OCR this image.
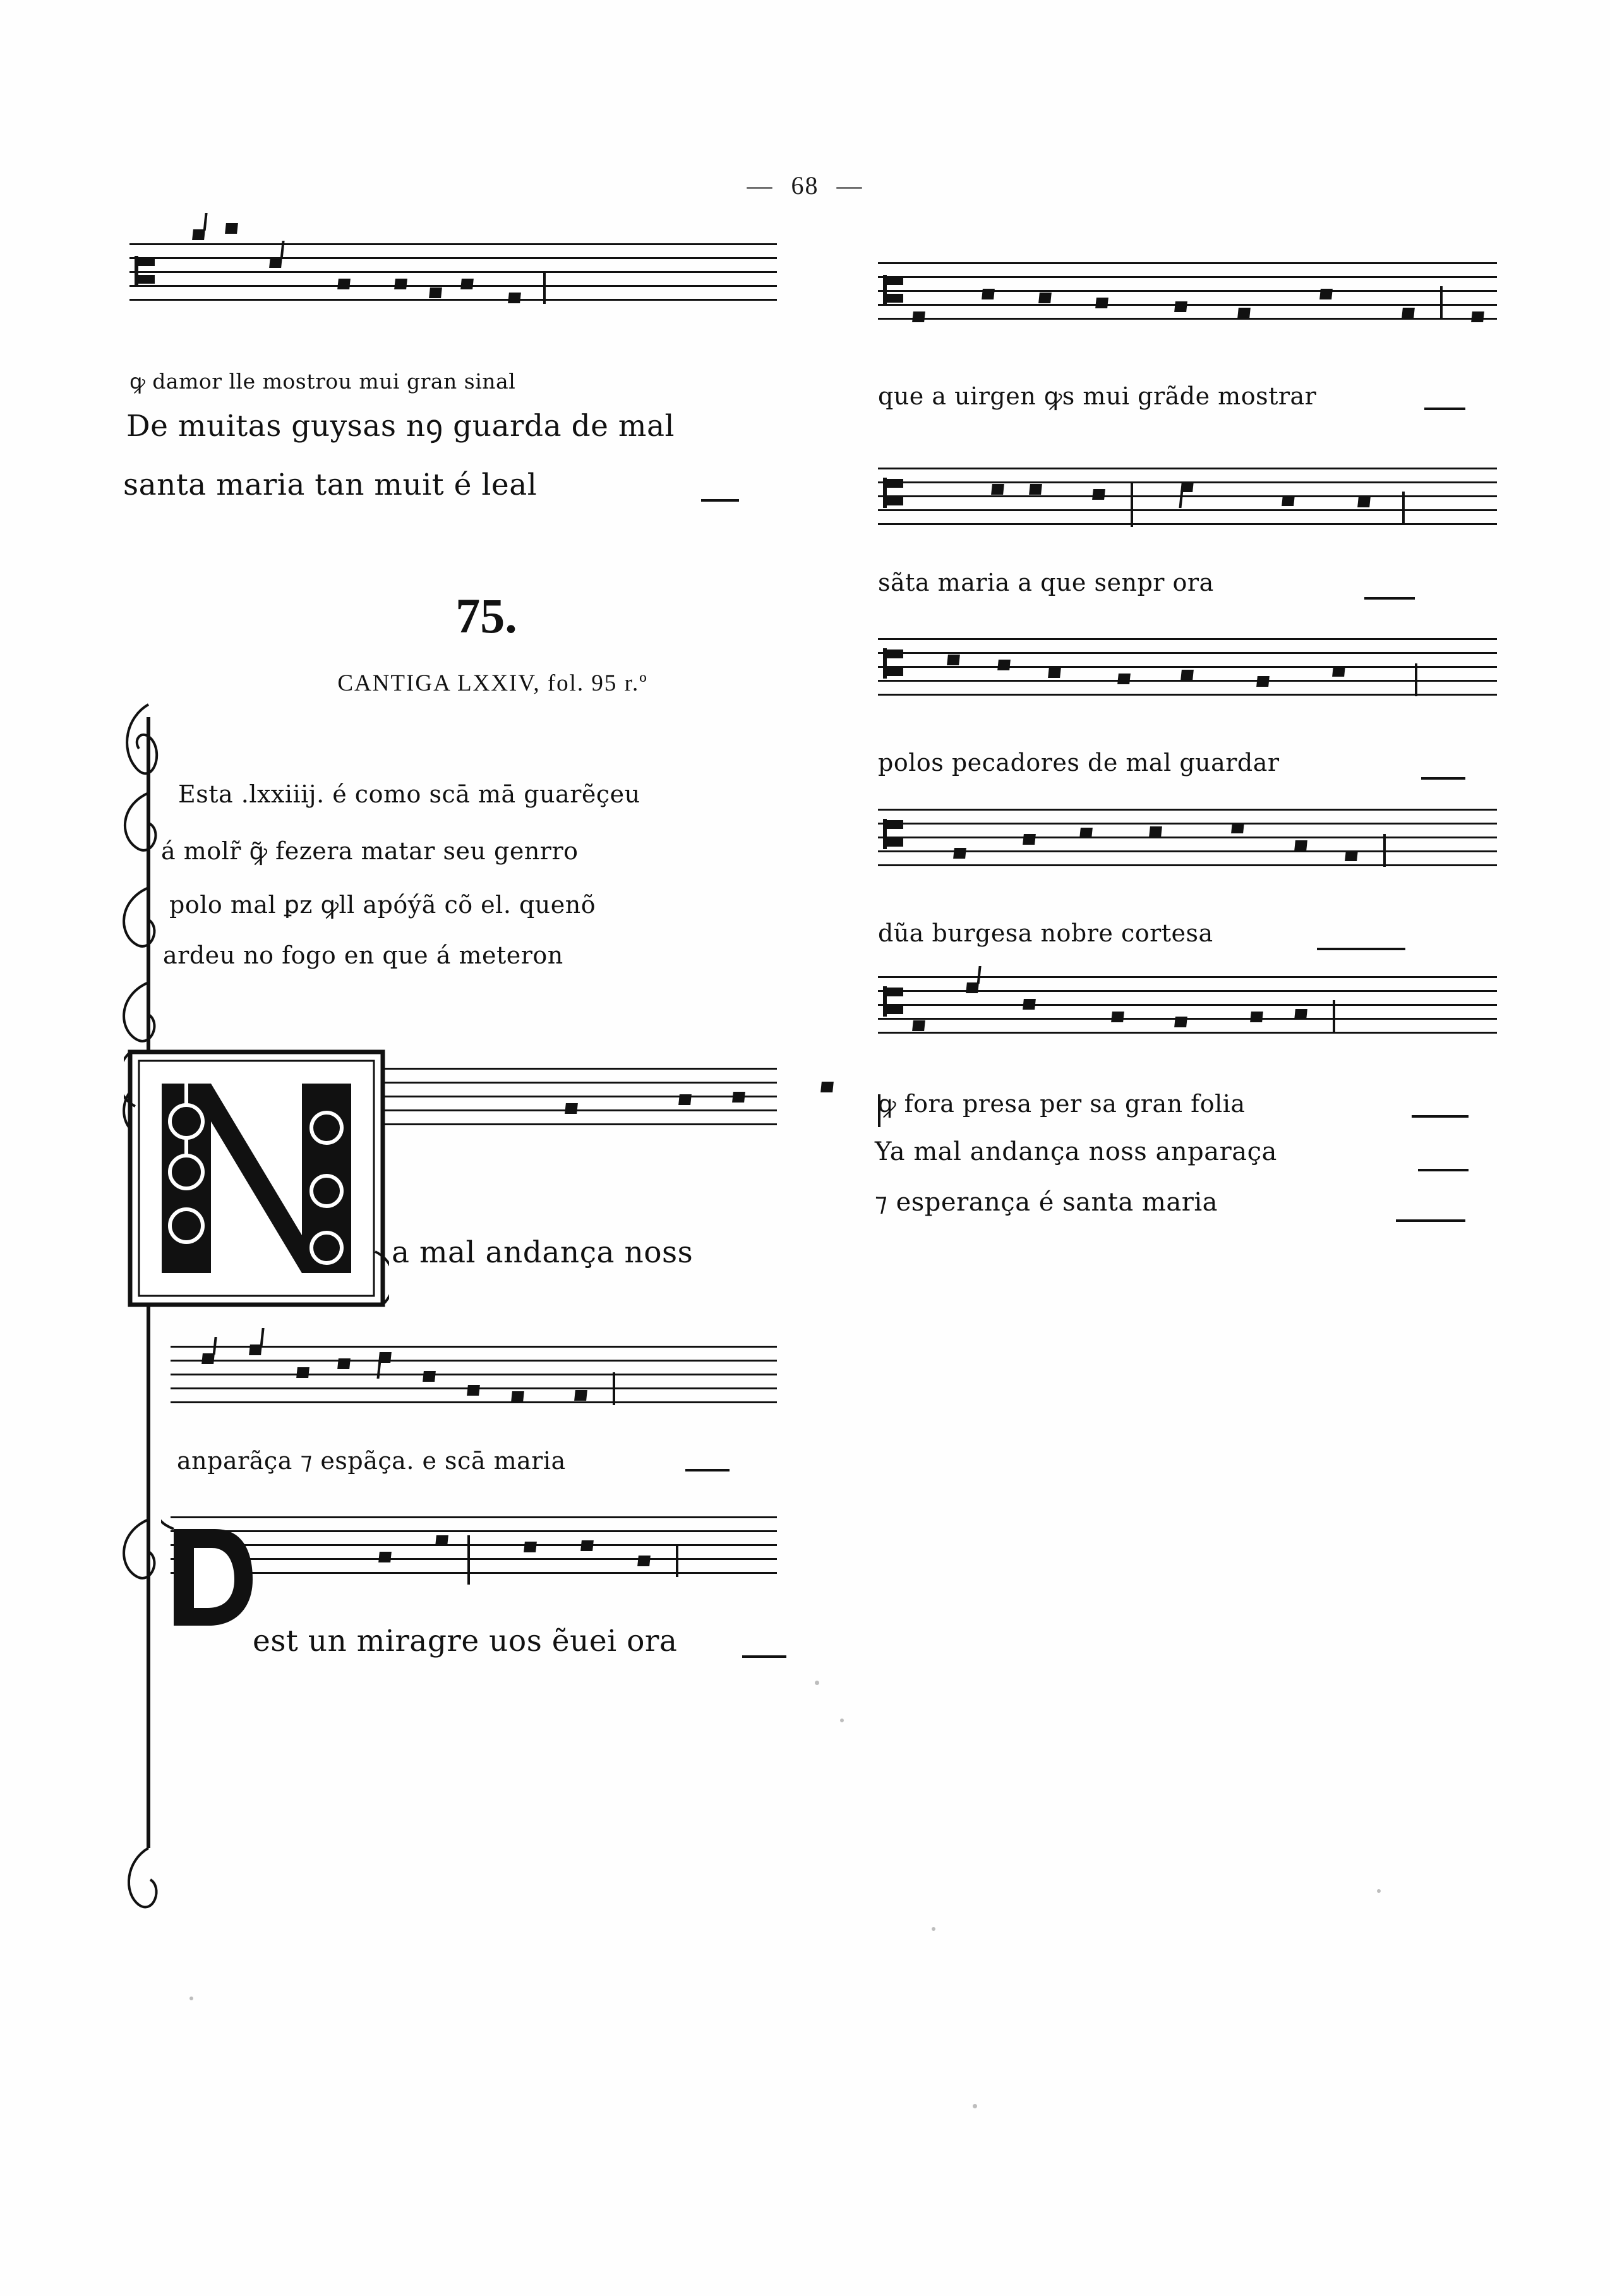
— 68 —
ꝙ damor lle mostrou mui gran sinal
De muitas guysas nꝯ guarda de mal
santa maria tan muit é leal
75.
CANTIGA LXXIV, fol. 95 r.º
Esta .lxxiiij. é como scā mā guarẽçeu
á molr̃ ꝙ̃ fezera matar seu genrro
polo mal ꝑz ꝙll apóýã cõ el. quenõ
ardeu no fogo en que á meteron
a mal andança noss
anparãça ⁊ espãça. e scā maria
est un miragre uos ẽuei ora
que a uirgen ꝙs mui grãde mostrar
sãta maria a que senpr ora
polos pecadores de mal guardar
dũa burgesa nobre cortesa
ꝙ fora presa per sa gran folia
Ya mal andança noss anparaça
⁊ esperança é santa maria
